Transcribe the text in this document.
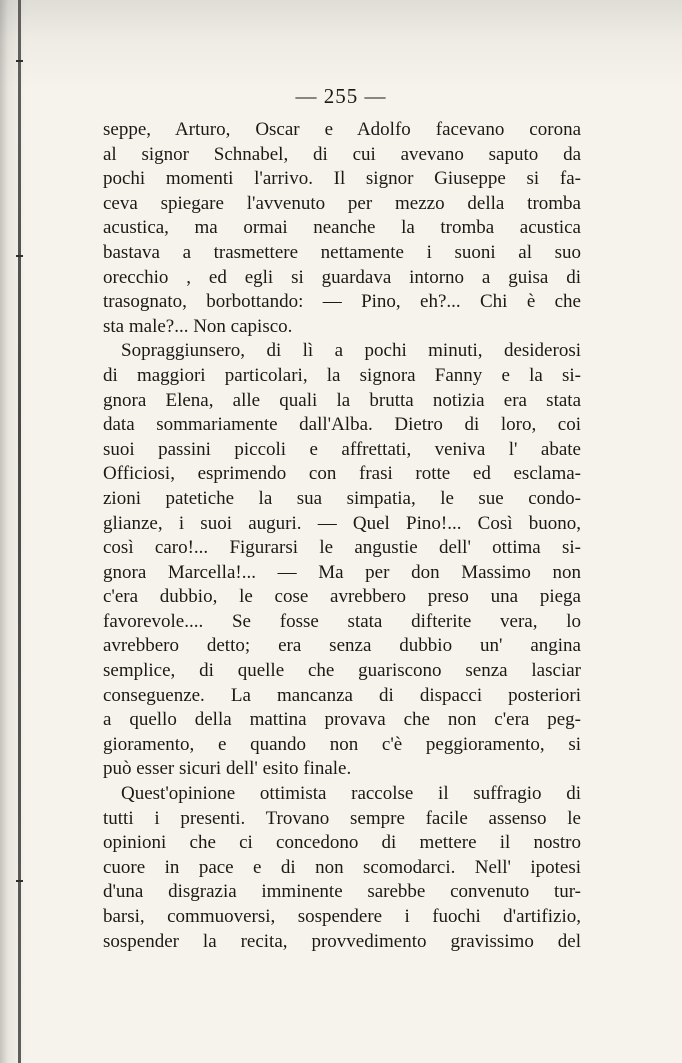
— 255 —
seppe, Arturo, Oscar e Adolfo facevano corona
al signor Schnabel, di cui avevano saputo da
pochi momenti l'arrivo. Il signor Giuseppe si fa-
ceva spiegare l'avvenuto per mezzo della tromba
acustica, ma ormai neanche la tromba acustica
bastava a trasmettere nettamente i suoni al suo
orecchio , ed egli si guardava intorno a guisa di
trasognato, borbottando: — Pino, eh?... Chi è che
sta male?... Non capisco.
Sopraggiunsero, di lì a pochi minuti, desiderosi
di maggiori particolari, la signora Fanny e la si-
gnora Elena, alle quali la brutta notizia era stata
data sommariamente dall'Alba. Dietro di loro, coi
suoi passini piccoli e affrettati, veniva l' abate
Officiosi, esprimendo con frasi rotte ed esclama-
zioni patetiche la sua simpatia, le sue condo-
glianze, i suoi auguri. — Quel Pino!... Così buono,
così caro!... Figurarsi le angustie dell' ottima si-
gnora Marcella!... — Ma per don Massimo non
c'era dubbio, le cose avrebbero preso una piega
favorevole.... Se fosse stata difterite vera, lo
avrebbero detto; era senza dubbio un' angina
semplice, di quelle che guariscono senza lasciar
conseguenze. La mancanza di dispacci posteriori
a quello della mattina provava che non c'era peg-
gioramento, e quando non c'è peggioramento, si
può esser sicuri dell' esito finale.
Quest'opinione ottimista raccolse il suffragio di
tutti i presenti. Trovano sempre facile assenso le
opinioni che ci concedono di mettere il nostro
cuore in pace e di non scomodarci. Nell' ipotesi
d'una disgrazia imminente sarebbe convenuto tur-
barsi, commuoversi, sospendere i fuochi d'artifizio,
sospender la recita, provvedimento gravissimo del
